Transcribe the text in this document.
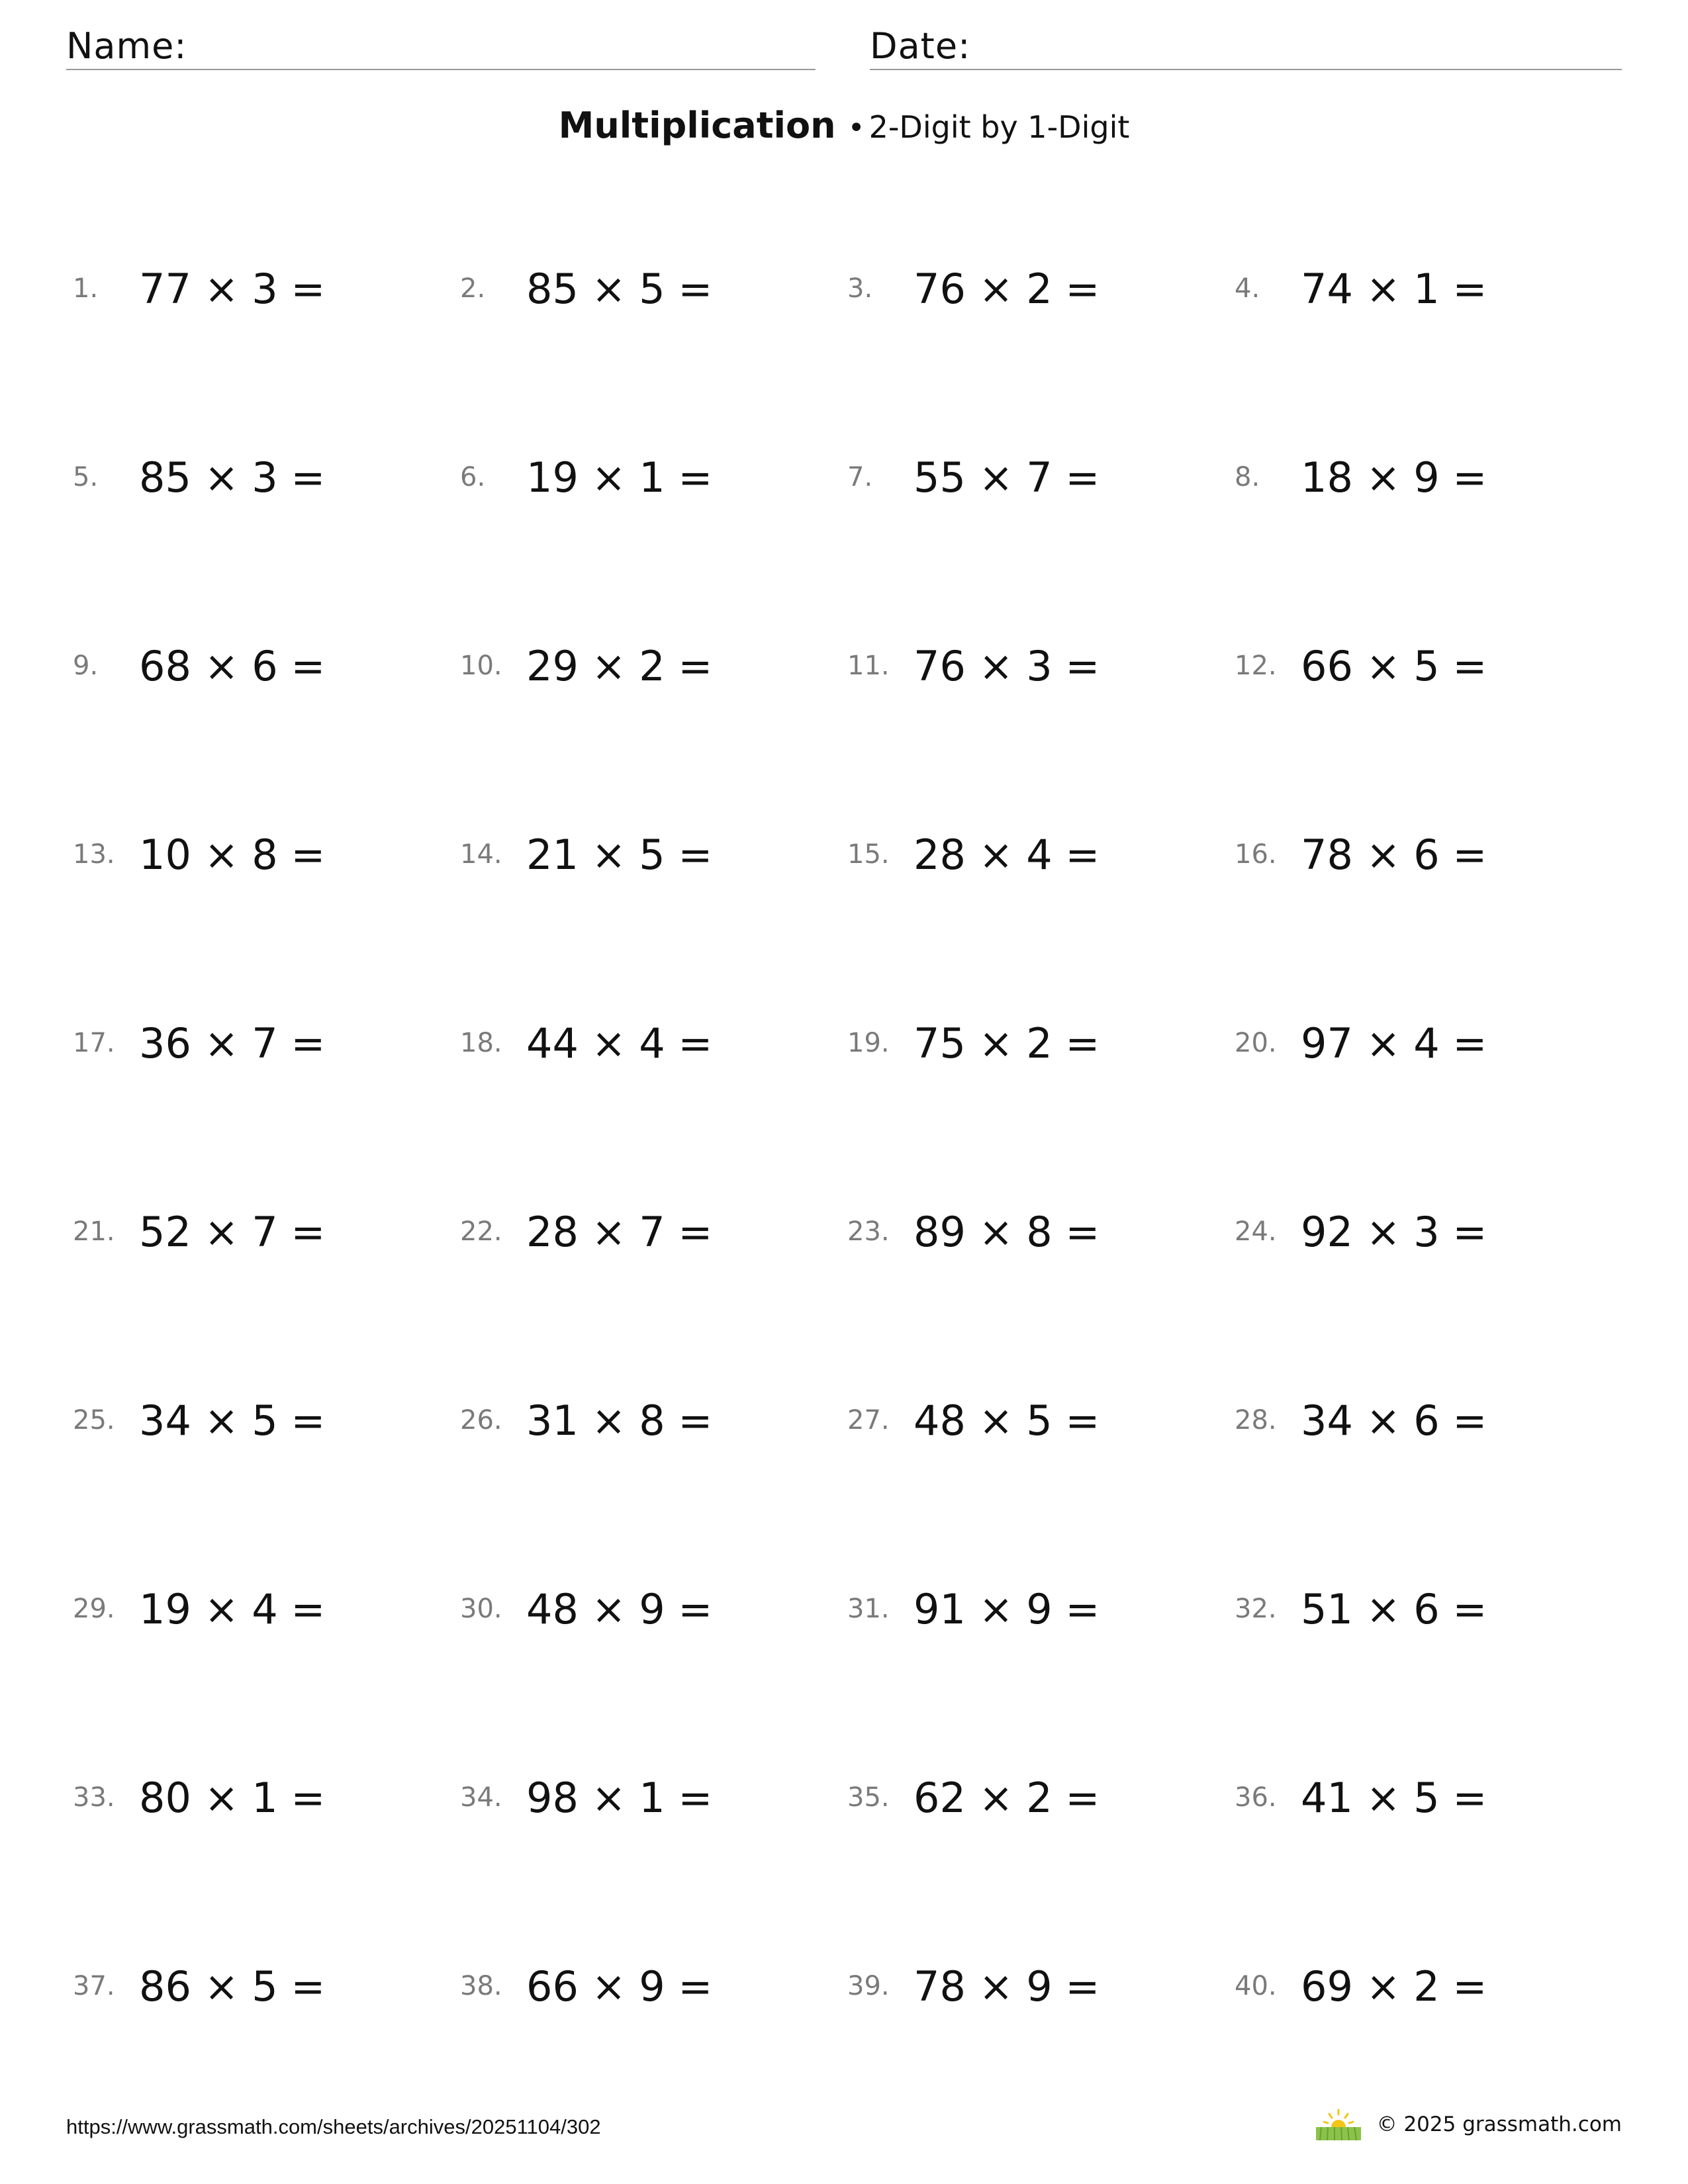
Name:	Date:
Multiplication • 2-Digit by 1-Digit
1. 77 × 3 =	2. 85 × 5 =	3. 76 × 2 =	4. 74 × 1 =
5. 85 × 3 =	6. 19 × 1 =	7. 55 × 7 =	8. 18 × 9 =
9. 68 × 6 =	10. 29 × 2 =	11. 76 × 3 =	12. 66 × 5 =
13. 10 × 8 =	14. 21 × 5 =	15. 28 × 4 =	16. 78 × 6 =
17. 36 × 7 =	18. 44 × 4 =	19. 75 × 2 =	20. 97 × 4 =
21. 52 × 7 =	22. 28 × 7 =	23. 89 × 8 =	24. 92 × 3 =
25. 34 × 5 =	26. 31 × 8 =	27. 48 × 5 =	28. 34 × 6 =
29. 19 × 4 =	30. 48 × 9 =	31. 91 × 9 =	32. 51 × 6 =
33. 80 × 1 =	34. 98 × 1 =	35. 62 × 2 =	36. 41 × 5 =
37. 86 × 5 =	38. 66 × 9 =	39. 78 × 9 =	40. 69 × 2 =
https://www.grassmath.com/sheets/archives/20251104/302	© 2025 grassmath.com
